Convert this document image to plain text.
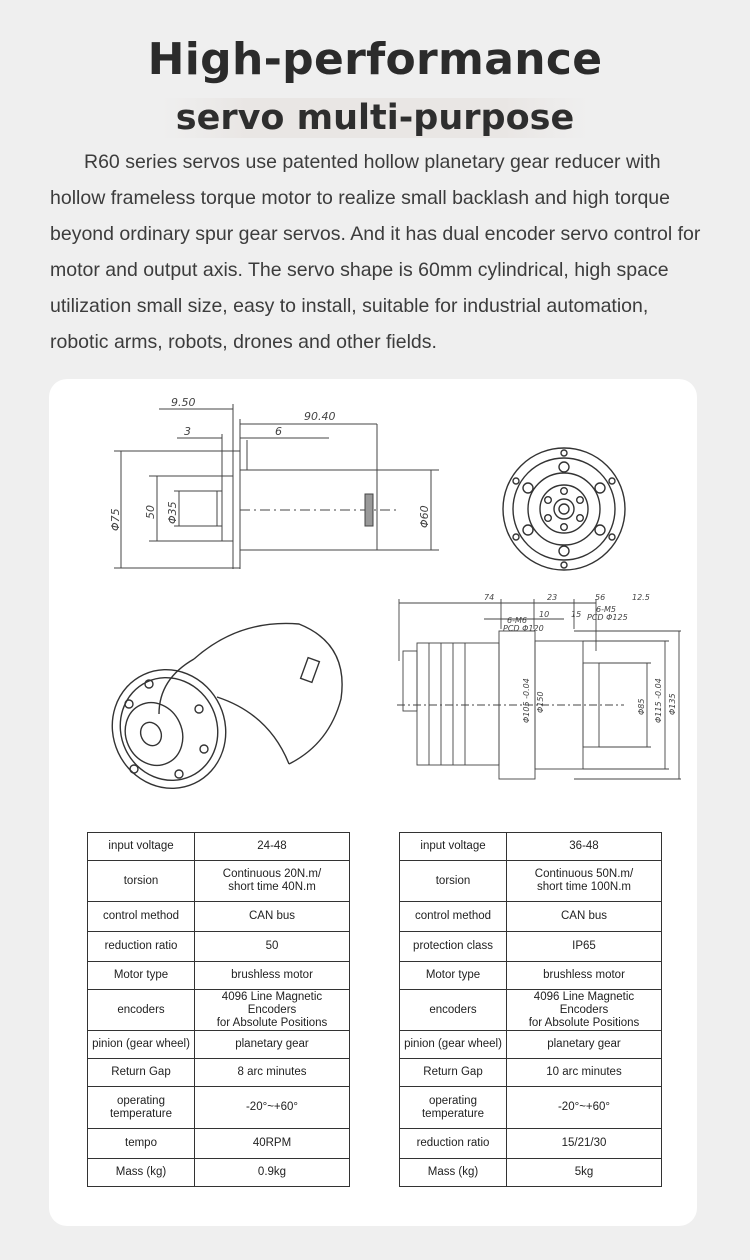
High-performance
servo multi-purpose
R60 series servos use patented hollow planetary gear reducer with hollow frameless torque motor to realize small backlash and high torque beyond ordinary spur gear servos. And it has dual encoder servo control for motor and output axis. The servo shape is 60mm cylindrical, high space utilization small size, easy to install, suitable for industrial automation, robotic arms, robots, drones and other fields.
9.50
90.40
3	6
Φ75 50 Φ35	Φ60
74	23	56	12.5
10	15
6-M6
PCD Φ120
6-M5
PCD Φ125
Φ105 -0.04 Φ150	Φ85 Φ115 -0.04 Φ135
input voltage	24-48
torsion	Continuous 20N.m/
short time 40N.m
control method	CAN bus
reduction ratio	50
Motor type	brushless motor
encoders	4096 Line Magnetic Encoders
for Absolute Positions
pinion (gear wheel)	planetary gear
Return Gap	8 arc minutes
operating
temperature	-20°~+60°
tempo	40RPM
Mass (kg)	0.9kg
input voltage	36-48
torsion	Continuous 50N.m/
short time 100N.m
control method	CAN bus
protection class	IP65
Motor type	brushless motor
encoders	4096 Line Magnetic Encoders
for Absolute Positions
pinion (gear wheel)	planetary gear
Return Gap	10 arc minutes
operating
temperature	-20°~+60°
reduction ratio	15/21/30
Mass (kg)	5kg
